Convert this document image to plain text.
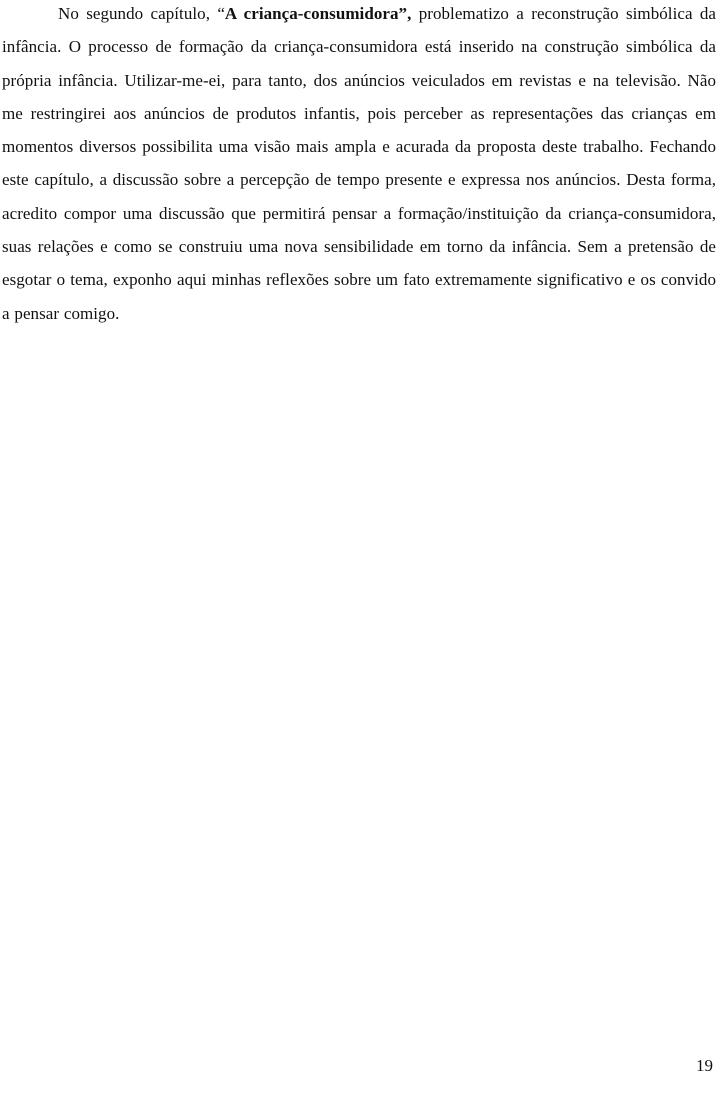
No segundo capítulo, “A criança-consumidora”, problematizo a reconstrução simbólica da infância. O processo de formação da criança-consumidora está inserido na construção simbólica da própria infância. Utilizar-me-ei, para tanto, dos anúncios veiculados em revistas e na televisão. Não me restringirei aos anúncios de produtos infantis, pois perceber as representações das crianças em momentos diversos possibilita uma visão mais ampla e acurada da proposta deste trabalho. Fechando este capítulo, a discussão sobre a percepção de tempo presente e expressa nos anúncios. Desta forma, acredito compor uma discussão que permitirá pensar a formação/instituição da criança-consumidora, suas relações e como se construiu uma nova sensibilidade em torno da infância. Sem a pretensão de esgotar o tema, exponho aqui minhas reflexões sobre um fato extremamente significativo e os convido a pensar comigo.

19
